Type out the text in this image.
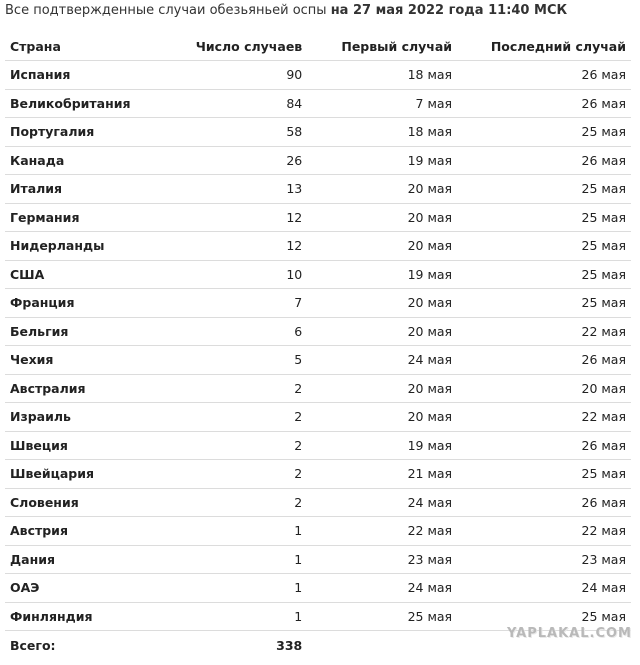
Все подтвержденные случаи обезьяньей оспы на 27 мая 2022 года 11:40 МСК
Страна	Число случаев	Первый случай	Последний случай
Испания	90	18 мая	26 мая
Великобритания	84	7 мая	26 мая
Португалия	58	18 мая	25 мая
Канада	26	19 мая	26 мая
Италия	13	20 мая	25 мая
Германия	12	20 мая	25 мая
Нидерланды	12	20 мая	25 мая
США	10	19 мая	25 мая
Франция	7	20 мая	25 мая
Бельгия	6	20 мая	22 мая
Чехия	5	24 мая	26 мая
Австралия	2	20 мая	20 мая
Израиль	2	20 мая	22 мая
Швеция	2	19 мая	26 мая
Швейцария	2	21 мая	25 мая
Словения	2	24 мая	26 мая
Австрия	1	22 мая	22 мая
Дания	1	23 мая	23 мая
ОАЭ	1	24 мая	24 мая
Финляндия	1	25 мая	25 мая
Всего:	338		
YAPLAKAL.COM
